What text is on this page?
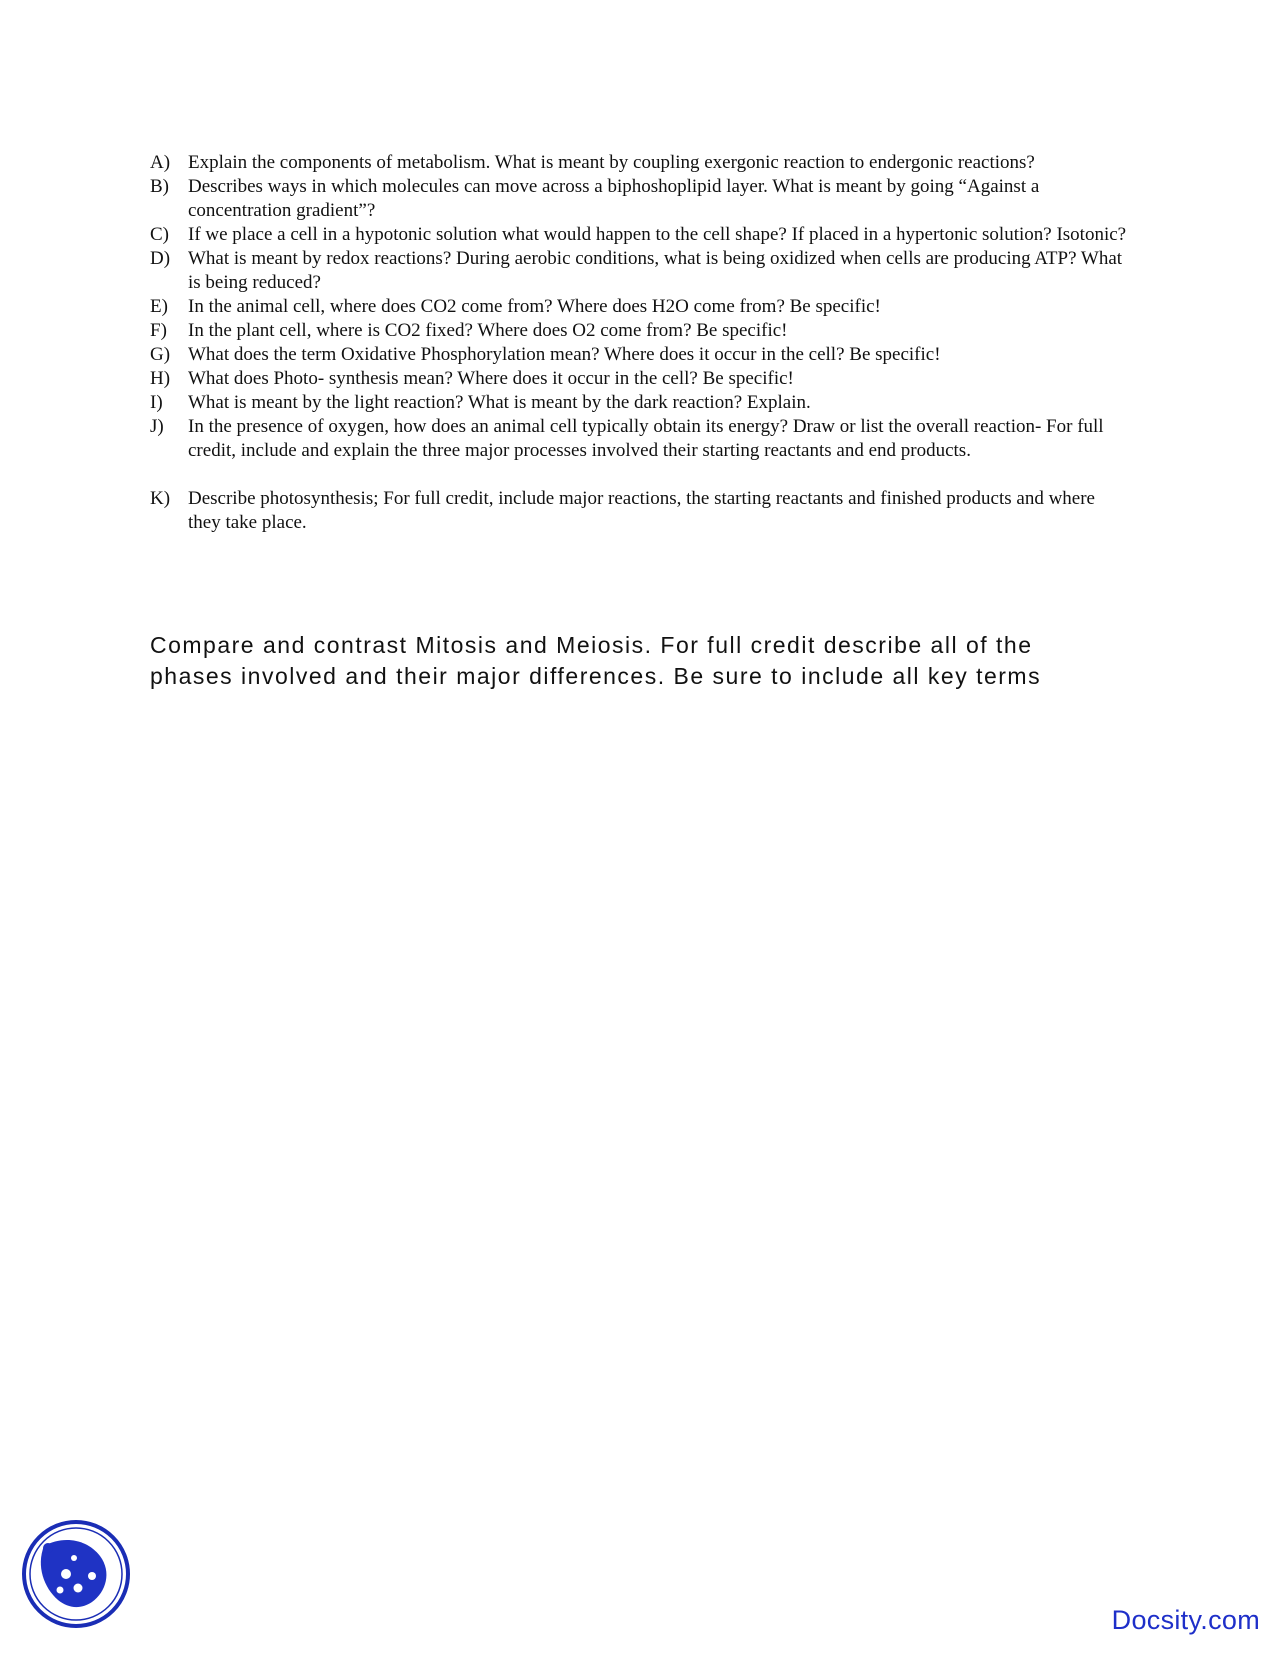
A) Explain the components of metabolism. What is meant by coupling exergonic reaction to endergonic reactions?
B)	Describes ways in which molecules can move across a biphoshoplipid layer. What is meant by going “Against a concentration gradient”?
C)	If we place a cell in a hypotonic solution what would happen to the cell shape? If placed in a hypertonic solution? Isotonic?
D) What is meant by redox reactions? During aerobic conditions, what is being oxidized when cells are producing ATP? What is being reduced?
E)	In the animal cell, where does CO2 come from? Where does H2O come from? Be specific!
F)	In the plant cell, where is CO2 fixed? Where does O2 come from? Be specific!
G) What does the term Oxidative Phosphorylation mean? Where does it occur in the cell? Be specific!
H) What does Photo- synthesis mean? Where does it occur in the cell? Be specific!
I)	What is meant by the light reaction? What is meant by the dark reaction? Explain.
J)	In the presence of oxygen, how does an animal cell typically obtain its energy? Draw or list the overall reaction- For full credit, include and explain the three major processes involved their starting reactants and end products.
K) Describe photosynthesis; For full credit, include major reactions, the starting reactants and finished products and where they take place.

Compare and contrast Mitosis and Meiosis. For full credit describe all of the phases involved and their major differences. Be sure to include all key terms

Docsity.com
